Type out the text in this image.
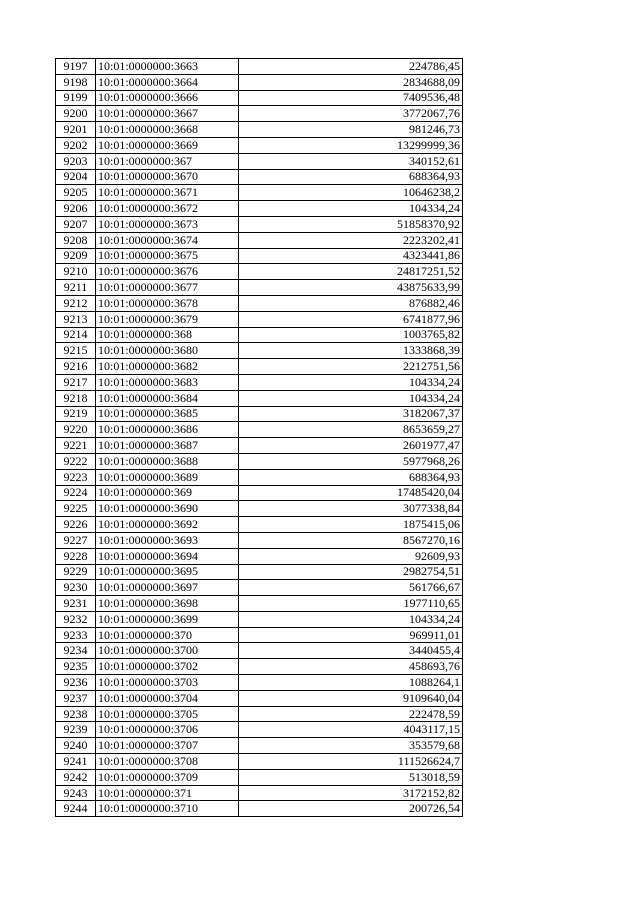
9197	10:01:0000000:3663	224786,45
9198	10:01:0000000:3664	2834688,09
9199	10:01:0000000:3666	7409536,48
9200	10:01:0000000:3667	3772067,76
9201	10:01:0000000:3668	981246,73
9202	10:01:0000000:3669	13299999,36
9203	10:01:0000000:367	340152,61
9204	10:01:0000000:3670	688364,93
9205	10:01:0000000:3671	10646238,2
9206	10:01:0000000:3672	104334,24
9207	10:01:0000000:3673	51858370,92
9208	10:01:0000000:3674	2223202,41
9209	10:01:0000000:3675	4323441,86
9210	10:01:0000000:3676	24817251,52
9211	10:01:0000000:3677	43875633,99
9212	10:01:0000000:3678	876882,46
9213	10:01:0000000:3679	6741877,96
9214	10:01:0000000:368	1003765,82
9215	10:01:0000000:3680	1333868,39
9216	10:01:0000000:3682	2212751,56
9217	10:01:0000000:3683	104334,24
9218	10:01:0000000:3684	104334,24
9219	10:01:0000000:3685	3182067,37
9220	10:01:0000000:3686	8653659,27
9221	10:01:0000000:3687	2601977,47
9222	10:01:0000000:3688	5977968,26
9223	10:01:0000000:3689	688364,93
9224	10:01:0000000:369	17485420,04
9225	10:01:0000000:3690	3077338,84
9226	10:01:0000000:3692	1875415,06
9227	10:01:0000000:3693	8567270,16
9228	10:01:0000000:3694	92609,93
9229	10:01:0000000:3695	2982754,51
9230	10:01:0000000:3697	561766,67
9231	10:01:0000000:3698	1977110,65
9232	10:01:0000000:3699	104334,24
9233	10:01:0000000:370	969911,01
9234	10:01:0000000:3700	3440455,4
9235	10:01:0000000:3702	458693,76
9236	10:01:0000000:3703	1088264,1
9237	10:01:0000000:3704	9109640,04
9238	10:01:0000000:3705	222478,59
9239	10:01:0000000:3706	4043117,15
9240	10:01:0000000:3707	353579,68
9241	10:01:0000000:3708	111526624,7
9242	10:01:0000000:3709	513018,59
9243	10:01:0000000:371	3172152,82
9244	10:01:0000000:3710	200726,54
